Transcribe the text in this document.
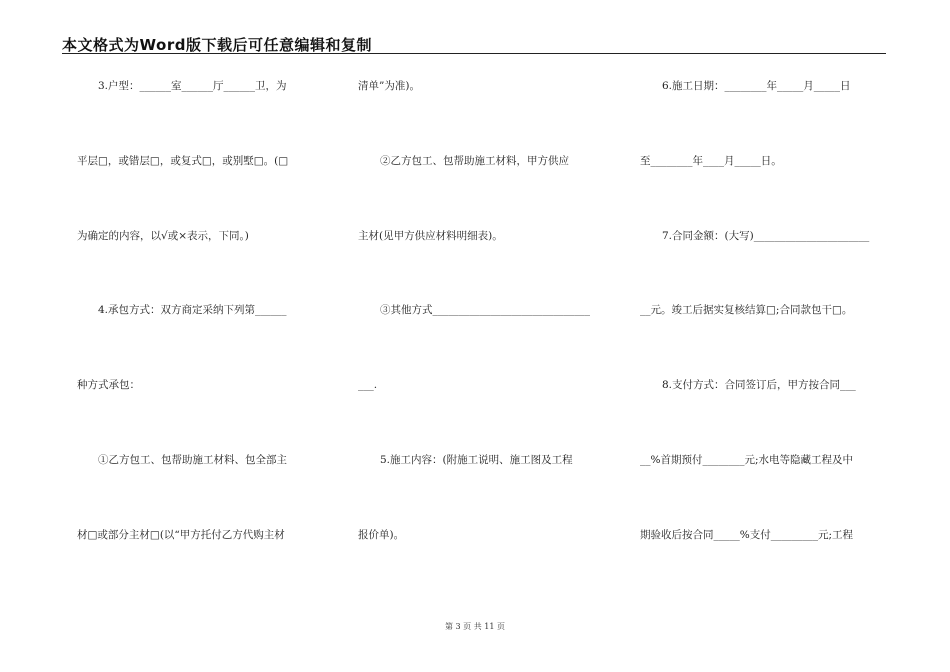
本文格式为Word版下载后可任意编辑和复制
3.户型：______室______厅______卫，为
平层□，或错层□，或复式□，或别墅□。(□
为确定的内容，以√或×表示，下同。)
4.承包方式：双方商定采纳下列第______
种方式承包：
①乙方包工、包帮助施工材料、包全部主
材□或部分主材□(以“甲方托付乙方代购主材
清单”为准)。
②乙方包工、包帮助施工材料，甲方供应
主材(见甲方供应材料明细表)。
③其他方式______________________________
___.
5.施工内容：(附施工说明、施工图及工程
报价单)。
6.施工日期：________年_____月_____日
至________年____月_____日。
7.合同金额：(大写)______________________
__元。竣工后据实复核结算□;合同款包干□。
8.支付方式：合同签订后，甲方按合同___
__%首期预付________元;水电等隐藏工程及中
期验收后按合同_____%支付_________元;工程
第 3 页 共 11 页
